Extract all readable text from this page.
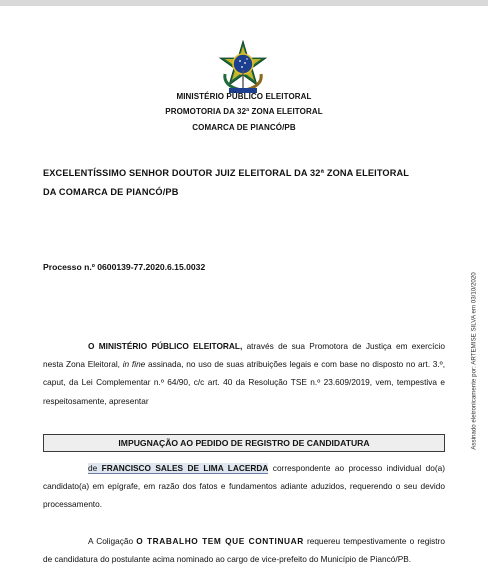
MINISTÉRIO PÚBLICO ELEITORAL
PROMOTORIA DA 32ª ZONA ELEITORAL
COMARCA DE PIANCÓ/PB
EXCELENTÍSSIMO SENHOR DOUTOR JUIZ ELEITORAL DA 32ª ZONA ELEITORAL
DA COMARCA DE PIANCÓ/PB
Processo n.º 0600139-77.2020.6.15.0032
O MINISTÉRIO PÚBLICO ELEITORAL, através de sua Promotora de Justiça em exercício nesta Zona Eleitoral, in fine assinada, no uso de suas atribuições legais e com base no disposto no art. 3.º, caput, da Lei Complementar n.º 64/90, c/c art. 40 da Resolução TSE n.º 23.609/2019, vem, tempestiva e respeitosamente, apresentar
IMPUGNAÇÃO AO PEDIDO DE REGISTRO DE CANDIDATURA
de FRANCISCO SALES DE LIMA LACERDA correspondente ao processo individual do(a) candidato(a) em epígrafe, em razão dos fatos e fundamentos adiante aduzidos, requerendo o seu devido processamento.
A Coligação O TRABALHO TEM QUE CONTINUAR requereu tempestivamente o registro de candidatura do postulante acima nominado ao cargo de vice-prefeito do Município de Piancó/PB.
Assinado eletronicamente por: ARTEMISE SILVA em 03/10/2020
